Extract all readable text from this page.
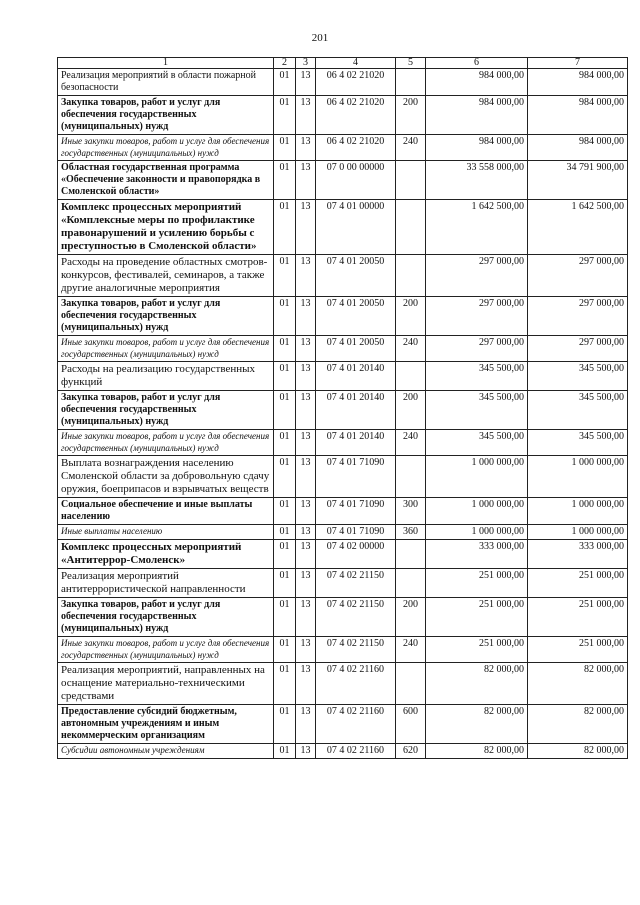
201
1	2	3	4	5	6	7
Реализация мероприятий в области пожарной безопасности	01	13	06 4 02 21020		984 000,00	984 000,00
Закупка товаров, работ и услуг для обеспечения государственных (муниципальных) нужд	01	13	06 4 02 21020	200	984 000,00	984 000,00
Иные закупки товаров, работ и услуг для обеспечения государственных (муниципальных) нужд	01	13	06 4 02 21020	240	984 000,00	984 000,00
Областная государственная программа «Обеспечение законности и правопорядка в Смоленской области»	01	13	07 0 00 00000		33 558 000,00	34 791 900,00
Комплекс процессных мероприятий «Комплексные меры по профилактике правонарушений и усилению борьбы с преступностью в Смоленской области»	01	13	07 4 01 00000		1 642 500,00	1 642 500,00
Расходы на проведение областных смотров-конкурсов, фестивалей, семинаров, а также другие аналогичные мероприятия	01	13	07 4 01 20050		297 000,00	297 000,00
Закупка товаров, работ и услуг для обеспечения государственных (муниципальных) нужд	01	13	07 4 01 20050	200	297 000,00	297 000,00
Иные закупки товаров, работ и услуг для обеспечения государственных (муниципальных) нужд	01	13	07 4 01 20050	240	297 000,00	297 000,00
Расходы на реализацию государственных функций	01	13	07 4 01 20140		345 500,00	345 500,00
Закупка товаров, работ и услуг для обеспечения государственных (муниципальных) нужд	01	13	07 4 01 20140	200	345 500,00	345 500,00
Иные закупки товаров, работ и услуг для обеспечения государственных (муниципальных) нужд	01	13	07 4 01 20140	240	345 500,00	345 500,00
Выплата вознаграждения населению Смоленской области за добровольную сдачу оружия, боеприпасов и взрывчатых веществ	01	13	07 4 01 71090		1 000 000,00	1 000 000,00
Социальное обеспечение и иные выплаты населению	01	13	07 4 01 71090	300	1 000 000,00	1 000 000,00
Иные выплаты населению	01	13	07 4 01 71090	360	1 000 000,00	1 000 000,00
Комплекс процессных мероприятий «Антитеррор-Смоленск»	01	13	07 4 02 00000		333 000,00	333 000,00
Реализация мероприятий антитеррористической направленности	01	13	07 4 02 21150		251 000,00	251 000,00
Закупка товаров, работ и услуг для обеспечения государственных (муниципальных) нужд	01	13	07 4 02 21150	200	251 000,00	251 000,00
Иные закупки товаров, работ и услуг для обеспечения государственных (муниципальных) нужд	01	13	07 4 02 21150	240	251 000,00	251 000,00
Реализация мероприятий, направленных на оснащение материально-техническими средствами	01	13	07 4 02 21160		82 000,00	82 000,00
Предоставление субсидий бюджетным, автономным учреждениям и иным некоммерческим организациям	01	13	07 4 02 21160	600	82 000,00	82 000,00
Субсидии автономным учреждениям	01	13	07 4 02 21160	620	82 000,00	82 000,00
